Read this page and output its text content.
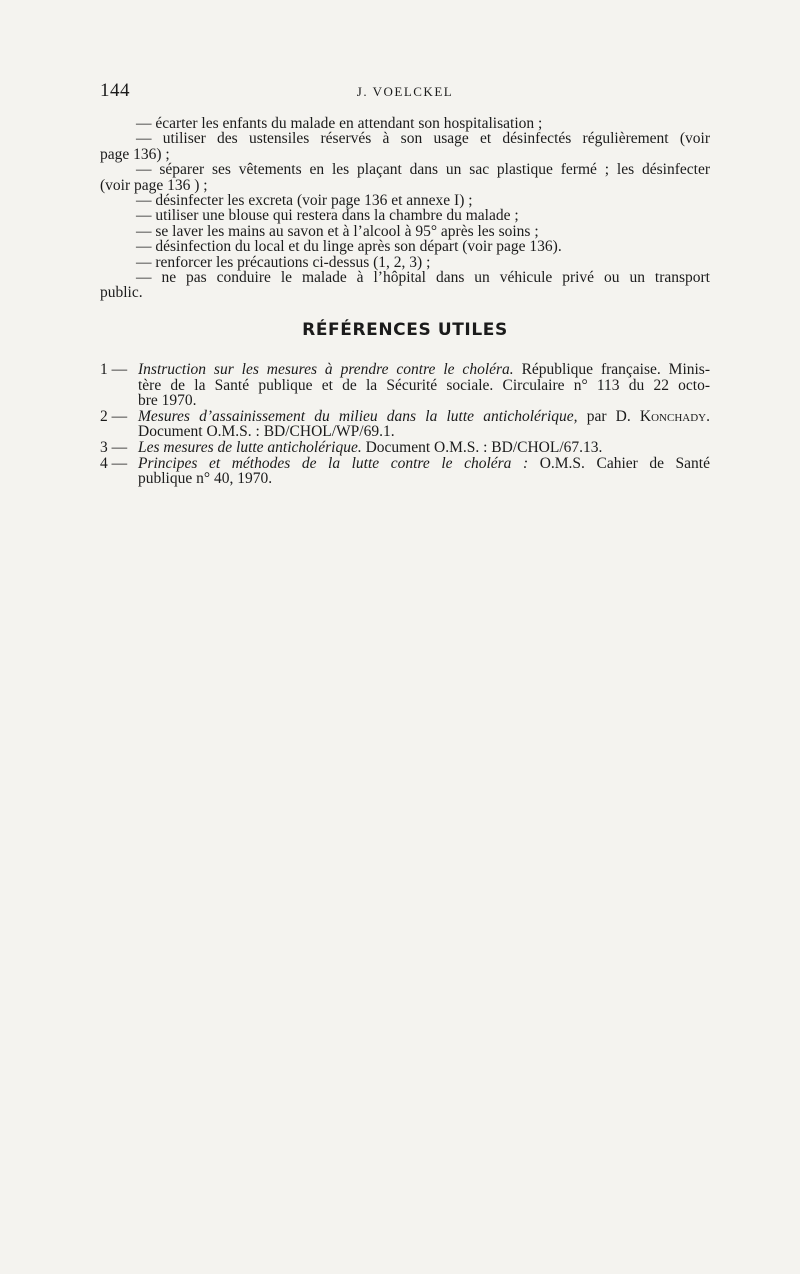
144	J. VOELCKEL
— écarter les enfants du malade en attendant son hospitalisation ;
— utiliser des ustensiles réservés à son usage et désinfectés régulièrement (voir
page 136) ;
— séparer ses vêtements en les plaçant dans un sac plastique fermé ; les désinfecter
(voir page 136 ) ;
— désinfecter les excreta (voir page 136 et annexe I) ;
— utiliser une blouse qui restera dans la chambre du malade ;
— se laver les mains au savon et à l’alcool à 95° après les soins ;
— désinfection du local et du linge après son départ (voir page 136).
— renforcer les précautions ci-dessus (1, 2, 3) ;
— ne pas conduire le malade à l’hôpital dans un véhicule privé ou un transport
public.
RÉFÉRENCES UTILES
1 — Instruction sur les mesures à prendre contre le choléra. République française. Minis-
tère de la Santé publique et de la Sécurité sociale. Circulaire n° 113 du 22 octo-
bre 1970.
2 — Mesures d’assainissement du milieu dans la lutte anticholérique, par D. Konchady.
Document O.M.S. : BD/CHOL/WP/69.1.
3 — Les mesures de lutte anticholérique. Document O.M.S. : BD/CHOL/67.13.
4 — Principes et méthodes de la lutte contre le choléra : O.M.S. Cahier de Santé
publique n° 40, 1970.
